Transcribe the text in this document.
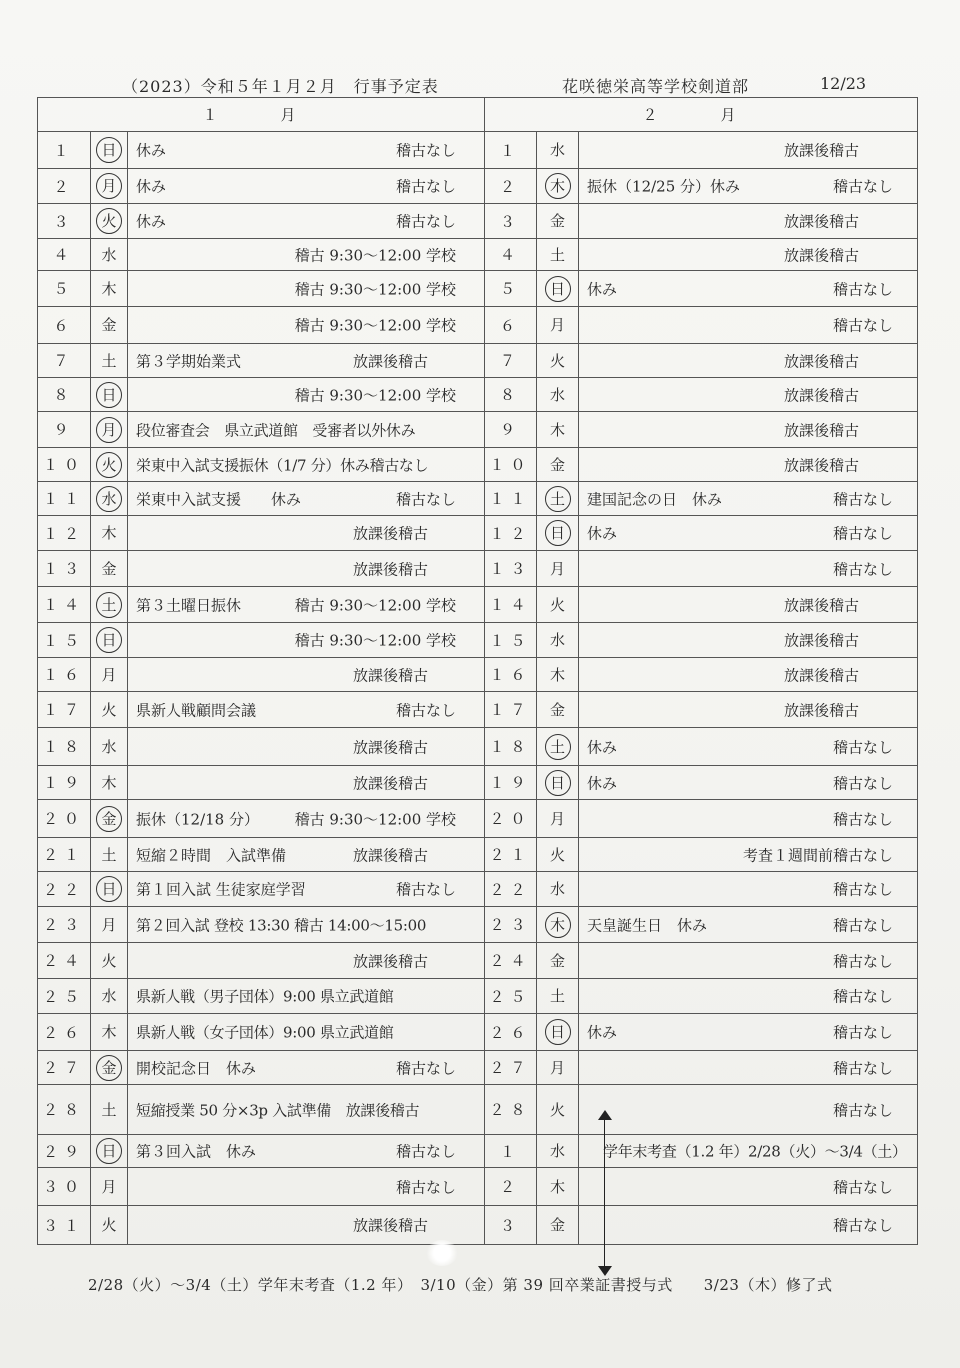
（2023）令和５年１月２月　行事予定表	花咲徳栄高等学校剣道部	12/23
１　月			２　月		
１	日	休み 稽古なし	１	水	放課後稽古

２	月	休み 稽古なし	２	木	振休（12/25 分）休み 稽古なし

３	火	休み 稽古なし	３	金	放課後稽古

４	水	稽古 9:30～12:00 学校	４	土	放課後稽古

５	木	稽古 9:30～12:00 学校	５	日	休み 稽古なし

６	金	稽古 9:30～12:00 学校	６	月	稽古なし

７	土	第３学期始業式 放課後稽古	７	火	放課後稽古

８	日	稽古 9:30～12:00 学校	８	水	放課後稽古

９	月	段位審査会　県立武道館　受審者以外休み	９	木	放課後稽古

１０	火	栄東中入試支援振休（1/7 分）休み稽古なし	１０	金	放課後稽古

１１	水	栄東中入試支援　　休み 稽古なし	１１	土	建国記念の日　休み 稽古なし

１２	木	放課後稽古	１２	日	休み 稽古なし

１３	金	放課後稽古	１３	月	稽古なし

１４	土	第３土曜日振休 稽古 9:30～12:00 学校	１４	火	放課後稽古

１５	日	稽古 9:30～12:00 学校	１５	水	放課後稽古

１６	月	放課後稽古	１６	木	放課後稽古

１７	火	県新人戦顧問会議 稽古なし	１７	金	放課後稽古

１８	水	放課後稽古	１８	土	休み 稽古なし

１９	木	放課後稽古	１９	日	休み 稽古なし

２０	金	振休（12/18 分） 稽古 9:30～12:00 学校	２０	月	稽古なし

２１	土	短縮２時間　入試準備 放課後稽古	２１	火	考査１週間前稽古なし

２２	日	第１回入試 生徒家庭学習 稽古なし	２２	水	稽古なし

２３	月	第２回入試 登校 13:30 稽古 14:00～15:00	２３	木	天皇誕生日　休み 稽古なし

２４	火	放課後稽古	２４	金	稽古なし

２５	水	県新人戦（男子団体）9:00 県立武道館	２５	土	稽古なし

２６	木	県新人戦（女子団体）9:00 県立武道館	２６	日	休み 稽古なし

２７	金	開校記念日　休み 稽古なし	２７	月	稽古なし

２８	土	短縮授業 50 分×3p 入試準備　放課後稽古	２８	火	稽古なし

２９	日	第３回入試　休み 稽古なし	１	水	学年末考査（1.2 年）2/28（火）～3/4（土）

３０	月	稽古なし	２	木	稽古なし

３１	火	放課後稽古	３	金	稽古なし
2/28（火）～3/4（土）学年末考査（1.2 年）　3/10（金）第 39 回卒業証書授与式　　3/23（木）修了式
